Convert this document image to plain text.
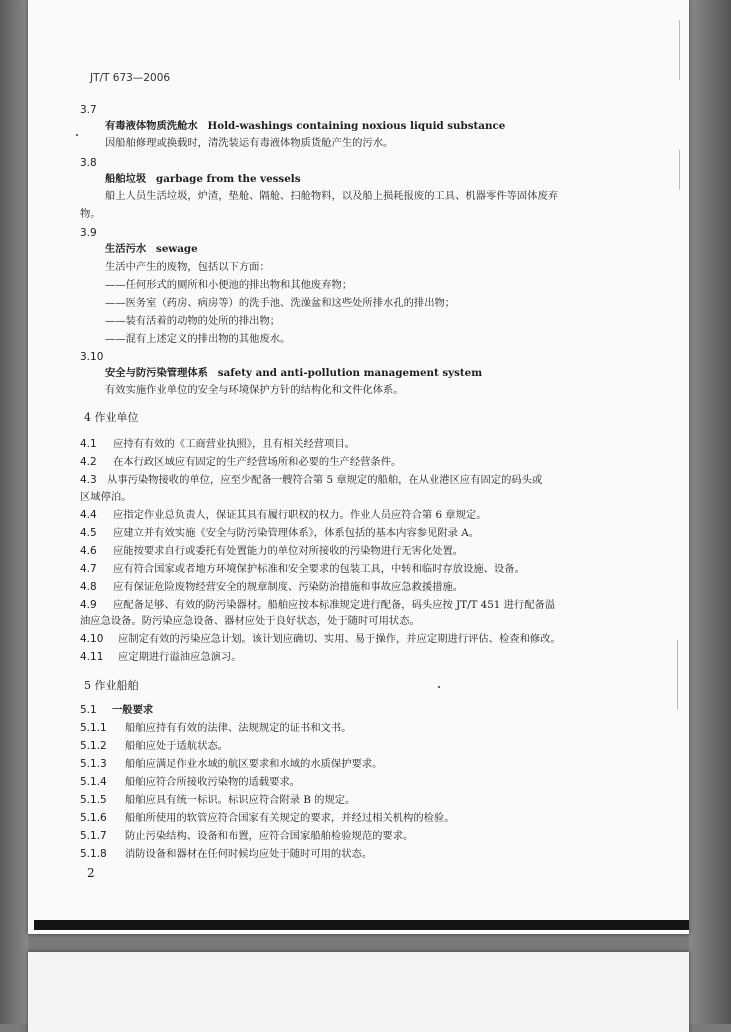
JT/T 673—2006
3.7
有毒液体物质洗舱水 Hold-washings containing noxious liquid substance
因船舶修理或换载时，清洗装运有毒液体物质货舱产生的污水。
3.8
船舶垃圾 garbage from the vessels
船上人员生活垃圾，炉渣，垫舱、隔舱、扫舱物料，以及船上损耗报废的工具、机器零件等固体废弃
物。
3.9
生活污水 sewage
生活中产生的废物，包括以下方面：
——任何形式的厕所和小便池的排出物和其他废弃物；
——医务室（药房、病房等）的洗手池、洗澡盆和这些处所排水孔的排出物；
——装有活着的动物的处所的排出物；
——混有上述定义的排出物的其他废水。
3.10
安全与防污染管理体系 safety and anti-pollution management system
有效实施作业单位的安全与环境保护方针的结构化和文件化体系。
4 作业单位
4.1 应持有有效的《工商营业执照》，且有相关经营项目。
4.2 在本行政区域应有固定的生产经营场所和必要的生产经营条件。
4.3 从事污染物接收的单位，应至少配备一艘符合第 5 章规定的船舶，在从业港区应有固定的码头或
区域停泊。
4.4 应指定作业总负责人，保证其具有履行职权的权力。作业人员应符合第 6 章规定。
4.5 应建立并有效实施《安全与防污染管理体系》，体系包括的基本内容参见附录 A。
4.6 应能按要求自行或委托有处置能力的单位对所接收的污染物进行无害化处置。
4.7 应有符合国家或者地方环境保护标准和安全要求的包装工具，中转和临时存放设施、设备。
4.8 应有保证危险废物经营安全的规章制度、污染防治措施和事故应急救援措施。
4.9 应配备足够、有效的防污染器材。船舶应按本标准规定进行配备，码头应按 JT/T 451 进行配备溢
油应急设备。防污染应急设备、器材应处于良好状态，处于随时可用状态。
4.10 应制定有效的污染应急计划。该计划应确切、实用、易于操作，并应定期进行评估、检查和修改。
4.11 应定期进行溢油应急演习。
5 作业船舶
5.1 一般要求
5.1.1 船舶应持有有效的法律、法规规定的证书和文书。
5.1.2 船舶应处于适航状态。
5.1.3 船舶应满足作业水域的航区要求和水域的水质保护要求。
5.1.4 船舶应符合所接收污染物的适载要求。
5.1.5 船舶应具有统一标识。标识应符合附录 B 的规定。
5.1.6 船舶所使用的软管应符合国家有关规定的要求，并经过相关机构的检验。
5.1.7 防止污染结构、设备和布置，应符合国家船舶检验规范的要求。
5.1.8 消防设备和器材在任何时候均应处于随时可用的状态。
2
